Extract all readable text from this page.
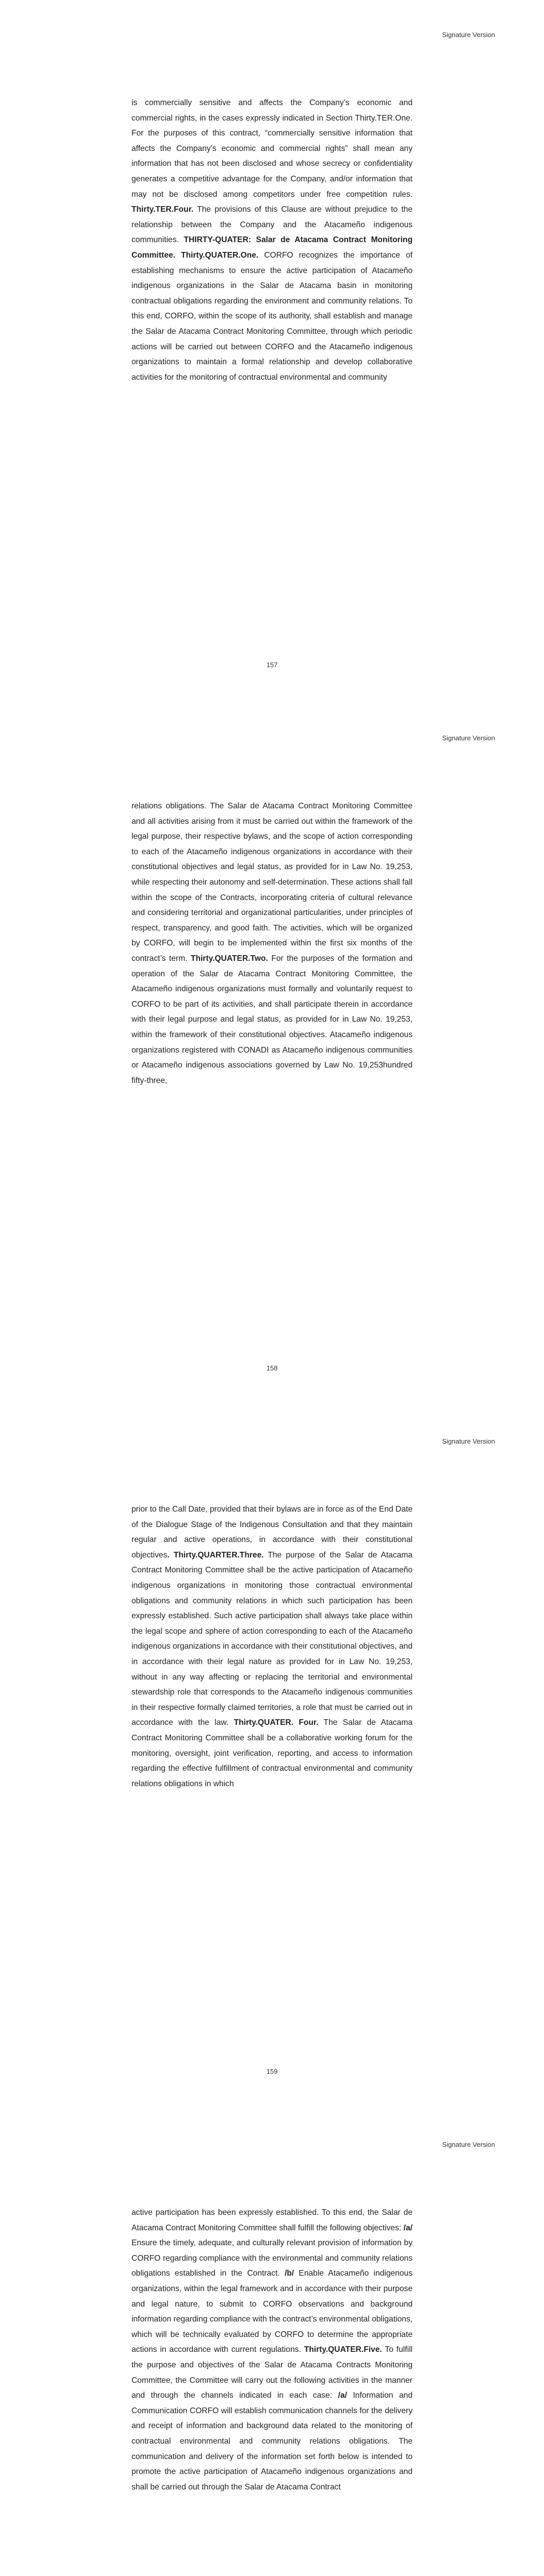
Signature Version

is commercially sensitive and affects the Company’s economic and commercial rights, in the cases expressly indicated in Section Thirty.TER.One. For the purposes of this contract, “commercially sensitive information that affects the Company’s economic and commercial rights” shall mean any information that has not been disclosed and whose secrecy or confidentiality generates a competitive advantage for the Company, and/or information that may not be disclosed among competitors under free competition rules. Thirty.TER.Four. The provisions of this Clause are without prejudice to the relationship between the Company and the Atacameño indigenous communities. THIRTY-QUATER: Salar de Atacama Contract Monitoring Committee. Thirty.QUATER.One. CORFO recognizes the importance of establishing mechanisms to ensure the active participation of Atacameño indigenous organizations in the Salar de Atacama basin in monitoring contractual obligations regarding the environment and community relations. To this end, CORFO, within the scope of its authority, shall establish and manage the Salar de Atacama Contract Monitoring Committee, through which periodic actions will be carried out between CORFO and the Atacameño indigenous organizations to maintain a formal relationship and develop collaborative activities for the monitoring of contractual environmental and community

157
Signature Version

relations obligations. The Salar de Atacama Contract Monitoring Committee and all activities arising from it must be carried out within the framework of the legal purpose, their respective bylaws, and the scope of action corresponding to each of the Atacameño indigenous organizations in accordance with their constitutional objectives and legal status, as provided for in Law No. 19,253, while respecting their autonomy and self-determination. These actions shall fall within the scope of the Contracts, incorporating criteria of cultural relevance and considering territorial and organizational particularities, under principles of respect, transparency, and good faith. The activities, which will be organized by CORFO, will begin to be implemented within the first six months of the contract’s term. Thirty.QUATER.Two. For the purposes of the formation and operation of the Salar de Atacama Contract Monitoring Committee, the Atacameño indigenous organizations must formally and voluntarily request to CORFO to be part of its activities, and shall participate therein in accordance with their legal purpose and legal status, as provided for in Law No. 19,253, within the framework of their constitutional objectives. Atacameño indigenous organizations registered with CONADI as Atacameño indigenous communities or Atacameño indigenous associations governed by Law No. 19,253hundred fifty-three,

158
Signature Version

prior to the Call Date, provided that their bylaws are in force as of the End Date of the Dialogue Stage of the Indigenous Consultation and that they maintain regular and active operations, in accordance with their constitutional objectives. Thirty.QUARTER.Three. The purpose of the Salar de Atacama Contract Monitoring Committee shall be the active participation of Atacameño indigenous organizations in monitoring those contractual environmental obligations and community relations in which such participation has been expressly established. Such active participation shall always take place within the legal scope and sphere of action corresponding to each of the Atacameño indigenous organizations in accordance with their constitutional objectives, and in accordance with their legal nature as provided for in Law No. 19,253, without in any way affecting or replacing the territorial and environmental stewardship role that corresponds to the Atacameño indigenous communities in their respective formally claimed territories, a role that must be carried out in accordance with the law. Thirty.QUATER. Four. The Salar de Atacama Contract Monitoring Committee shall be a collaborative working forum for the monitoring, oversight, joint verification, reporting, and access to information regarding the effective fulfillment of contractual environmental and community relations obligations in which

159
Signature Version

active participation has been expressly established. To this end, the Salar de Atacama Contract Monitoring Committee shall fulfill the following objectives: /a/ Ensure the timely, adequate, and culturally relevant provision of information by CORFO regarding compliance with the environmental and community relations obligations established in the Contract. /b/ Enable Atacameño indigenous organizations, within the legal framework and in accordance with their purpose and legal nature, to submit to CORFO observations and background information regarding compliance with the contract’s environmental obligations, which will be technically evaluated by CORFO to determine the appropriate actions in accordance with current regulations. Thirty.QUATER.Five. To fulfill the purpose and objectives of the Salar de Atacama Contracts Monitoring Committee, the Committee will carry out the following activities in the manner and through the channels indicated in each case: /a/ Information and Communication CORFO will establish communication channels for the delivery and receipt of information and background data related to the monitoring of contractual environmental and community relations obligations. The communication and delivery of the information set forth below is intended to promote the active participation of Atacameño indigenous organizations and shall be carried out through the Salar de Atacama Contract
